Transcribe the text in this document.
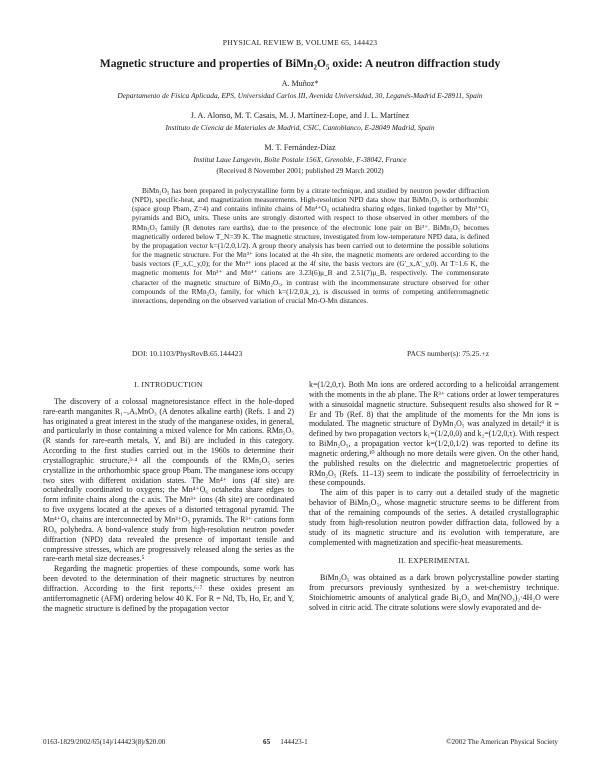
PHYSICAL REVIEW B, VOLUME 65, 144423
Magnetic structure and properties of BiMn₂O₅ oxide: A neutron diffraction study
A. Muñoz*
Departamento de Física Aplicada, EPS, Universidad Carlos III, Avenida Universidad, 30, Leganés-Madrid E-28911, Spain
J. A. Alonso, M. T. Casais, M. J. Martínez-Lope, and J. L. Martínez
Instituto de Ciencia de Materiales de Madrid, CSIC, Cantoblanco, E-28049 Madrid, Spain
M. T. Fernández-Díaz
Institut Laue Langevin, Boîte Postale 156X, Grenoble, F-38042, France
(Received 8 November 2001; published 29 March 2002)
BiMn₂O₅ has been prepared in polycrystalline form by a citrate technique, and studied by neutron powder diffraction (NPD), specific-heat, and magnetization measurements. High-resolution NPD data show that BiMn₂O₅ is orthorhombic (space group Pbam, Z=4) and contains infinite chains of Mn⁴⁺O₆ octahedra sharing edges, linked together by Mn³⁺O₅ pyramids and BiO₈ units. These units are strongly distorted with respect to those observed in other members of the RMn₂O₅ family (R denotes rare earths), due to the presence of the electronic lone pair on Bi³⁺. BiMn₂O₅ becomes magnetically ordered below T_N=39 K. The magnetic structure, investigated from low-temperature NPD data, is defined by the propagation vector k=(1/2,0,1/2). A group theory analysis has been carried out to determine the possible solutions for the magnetic structure. For the Mn³⁺ ions located at the 4h site, the magnetic moments are ordered according to the basis vectors (F_x,C_y,0); for the Mn⁴⁺ ions placed at the 4f site, the basis vectors are (G'_x,A'_y,0). At T=1.6 K, the magnetic moments for Mn³⁺ and Mn⁴⁺ cations are 3.23(6)μ_B and 2.51(7)μ_B, respectively. The commensurate character of the magnetic structure of BiMn₂O₅, in contrast with the incommensurate structure observed for other compounds of the RMn₂O₅ family, for which k=(1/2,0,k_z), is discussed in terms of competing antiferromagnetic interactions, depending on the observed variation of crucial Mn-O-Mn distances.
DOI: 10.1103/PhysRevB.65.144423	PACS number(s): 75.25.+z
I. INTRODUCTION

The discovery of a colossal magnetoresistance effect in the hole-doped rare-earth manganites R₁₋ₓAₓMnO₃ (A denotes alkaline earth) (Refs. 1 and 2) has originated a great interest in the study of the manganese oxides, in general, and particularly in those containing a mixed valence for Mn cations. RMn₂O₅ (R stands for rare-earth metals, Y, and Bi) are included in this category. According to the first studies carried out in the 1960s to determine their crystallographic structure,³·⁴ all the compounds of the RMn₂O₅ series crystallize in the orthorhombic space group Pbam. The manganese ions occupy two sites with different oxidation states. The Mn⁴⁺ ions (4f site) are octahedrally coordinated to oxygens; the Mn⁴⁺O₆ octahedra share edges to form infinite chains along the c axis. The Mn³⁺ ions (4h site) are coordinated to five oxygens located at the apexes of a distorted tetragonal pyramid. The Mn⁴⁺O₆ chains are interconnected by Mn³⁺O₅ pyramids. The R³⁺ cations form RO₈ polyhedra. A bond-valence study from high-resolution neutron powder diffraction (NPD) data revealed the presence of important tensile and compressive stresses, which are progressively released along the series as the rare-earth metal size decreases.⁵

Regarding the magnetic properties of these compounds, some work has been devoted to the determination of their magnetic structures by neutron diffraction. According to the first reports,⁶·⁷ these oxides present an antiferromagnetic (AFM) ordering below 40 K. For R = Nd, Tb, Ho, Er, and Y, the magnetic structure is defined by the propagation vector

k=(1/2,0,τ). Both Mn ions are ordered according to a helicoidal arrangement with the moments in the ab plane. The R³⁺ cations order at lower temperatures with a sinusoidal magnetic structure. Subsequent results also showed for R = Er and Tb (Ref. 8) that the amplitude of the moments for the Mn ions is modulated. The magnetic structure of DyMn₂O₅ was analyzed in detail;⁹ it is defined by two propagation vectors k₁=(1/2,0,0) and k₂=(1/2,0,τ). With respect to BiMn₂O₅, a propagation vector k=(1/2,0,1/2) was reported to define its magnetic ordering,¹⁰ although no more details were given. On the other hand, the published results on the dielectric and magnetoelectric properties of RMn₂O₅ (Refs. 11–13) seem to indicate the possibility of ferroelectricity in these compounds.

The aim of this paper is to carry out a detailed study of the magnetic behavior of BiMn₂O₅, whose magnetic structure seems to be different from that of the remaining compounds of the series. A detailed crystallographic study from high-resolution neutron powder diffraction data, followed by a study of its magnetic structure and its evolution with temperature, are complemented with magnetization and specific-heat measurements.

II. EXPERIMENTAL

BiMn₂O₅ was obtained as a dark brown polycrystalline powder starting from precursors previously synthesized by a wet-chemistry technique. Stoichiometric amounts of analytical grade Bi₂O₃ and Mn(NO₃)₂·4H₂O were solved in citric acid. The citrate solutions were slowly evaporated and de-

0163-1829/2002/65(14)/144423(8)/$20.00	65 144423-1	©2002 The American Physical Society
